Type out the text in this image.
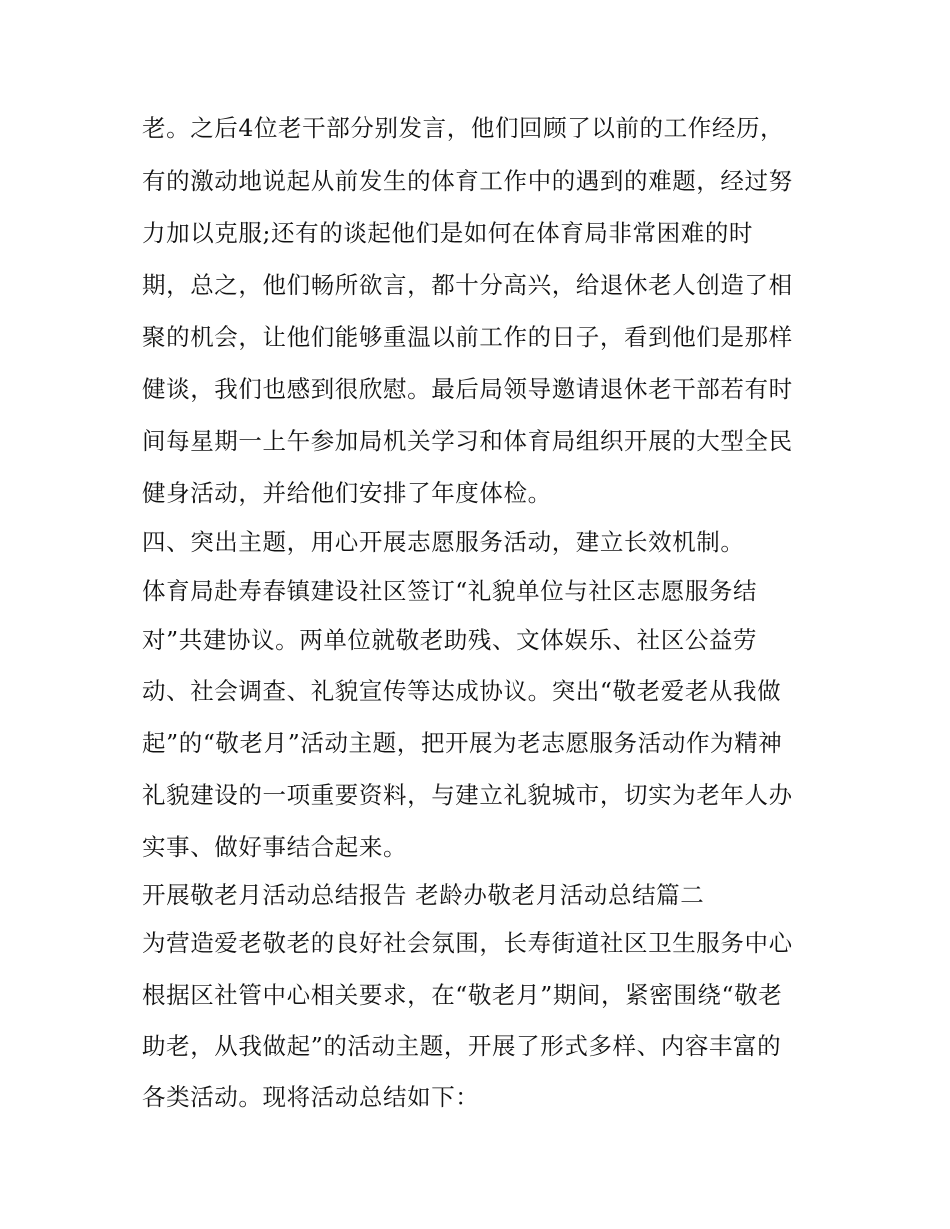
老。之后4位老干部分别发言，他们回顾了以前的工作经历，

有的激动地说起从前发生的体育工作中的遇到的难题，经过努

力加以克服;还有的谈起他们是如何在体育局非常困难的时

期，总之，他们畅所欲言，都十分高兴，给退休老人创造了相

聚的机会，让他们能够重温以前工作的日子，看到他们是那样

健谈，我们也感到很欣慰。最后局领导邀请退休老干部若有时

间每星期一上午参加局机关学习和体育局组织开展的大型全民

健身活动，并给他们安排了年度体检。

四、突出主题，用心开展志愿服务活动，建立长效机制。

体育局赴寿春镇建设社区签订“礼貌单位与社区志愿服务结

对”共建协议。两单位就敬老助残、文体娱乐、社区公益劳

动、社会调查、礼貌宣传等达成协议。突出“敬老爱老从我做

起”的“敬老月”活动主题，把开展为老志愿服务活动作为精神

礼貌建设的一项重要资料，与建立礼貌城市，切实为老年人办

实事、做好事结合起来。

开展敬老月活动总结报告 老龄办敬老月活动总结篇二

为营造爱老敬老的良好社会氛围，长寿街道社区卫生服务中心

根据区社管中心相关要求，在“敬老月”期间，紧密围绕“敬老

助老，从我做起”的活动主题，开展了形式多样、内容丰富的

各类活动。现将活动总结如下：
